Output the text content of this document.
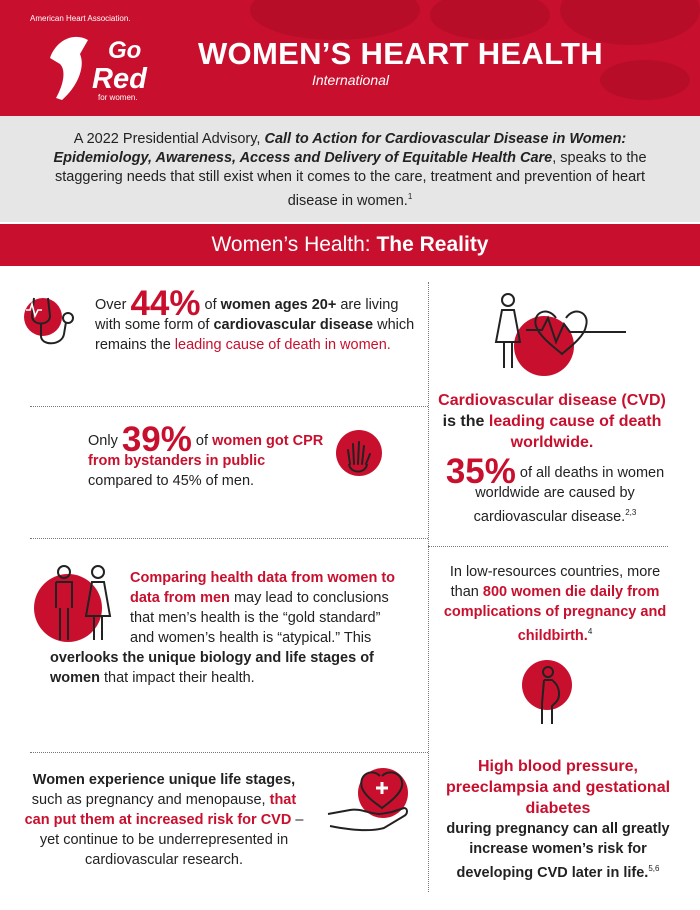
American Heart Association.
Go
Red
for women.
WOMEN’S HEART HEALTH
International
A 2022 Presidential Advisory, Call to Action for Cardiovascular Disease in Women: Epidemiology, Awareness, Access and Delivery of Equitable Health Care, speaks to the staggering needs that still exist when it comes to the care, treatment and prevention of heart disease in women.$^1$
Women’s Health: The Reality
Over 44% of women ages 20+ are living with some form of cardiovascular disease which remains the leading cause of death in women.
Only 39% of women got CPR from bystanders in public compared to 45% of men.
Comparing health data from women to data from men may lead to conclusions that men’s health is the “gold standard” and women’s health is “atypical.” This
overlooks the unique biology and life stages of women that impact their health.
Women experience unique life stages, such as pregnancy and menopause, that can put them at increased risk for CVD – yet continue to be underrepresented in cardiovascular research.
Cardiovascular disease (CVD) is the leading cause of death worldwide.
35% of all deaths in women worldwide are caused by cardiovascular disease.$^{2,3}$
In low-resources countries, more than 800 women die daily from complications of pregnancy and childbirth.$^4$
High blood pressure, preeclampsia and gestational diabetes
during pregnancy can all greatly increase women’s risk for developing CVD later in life.$^{5,6}$
